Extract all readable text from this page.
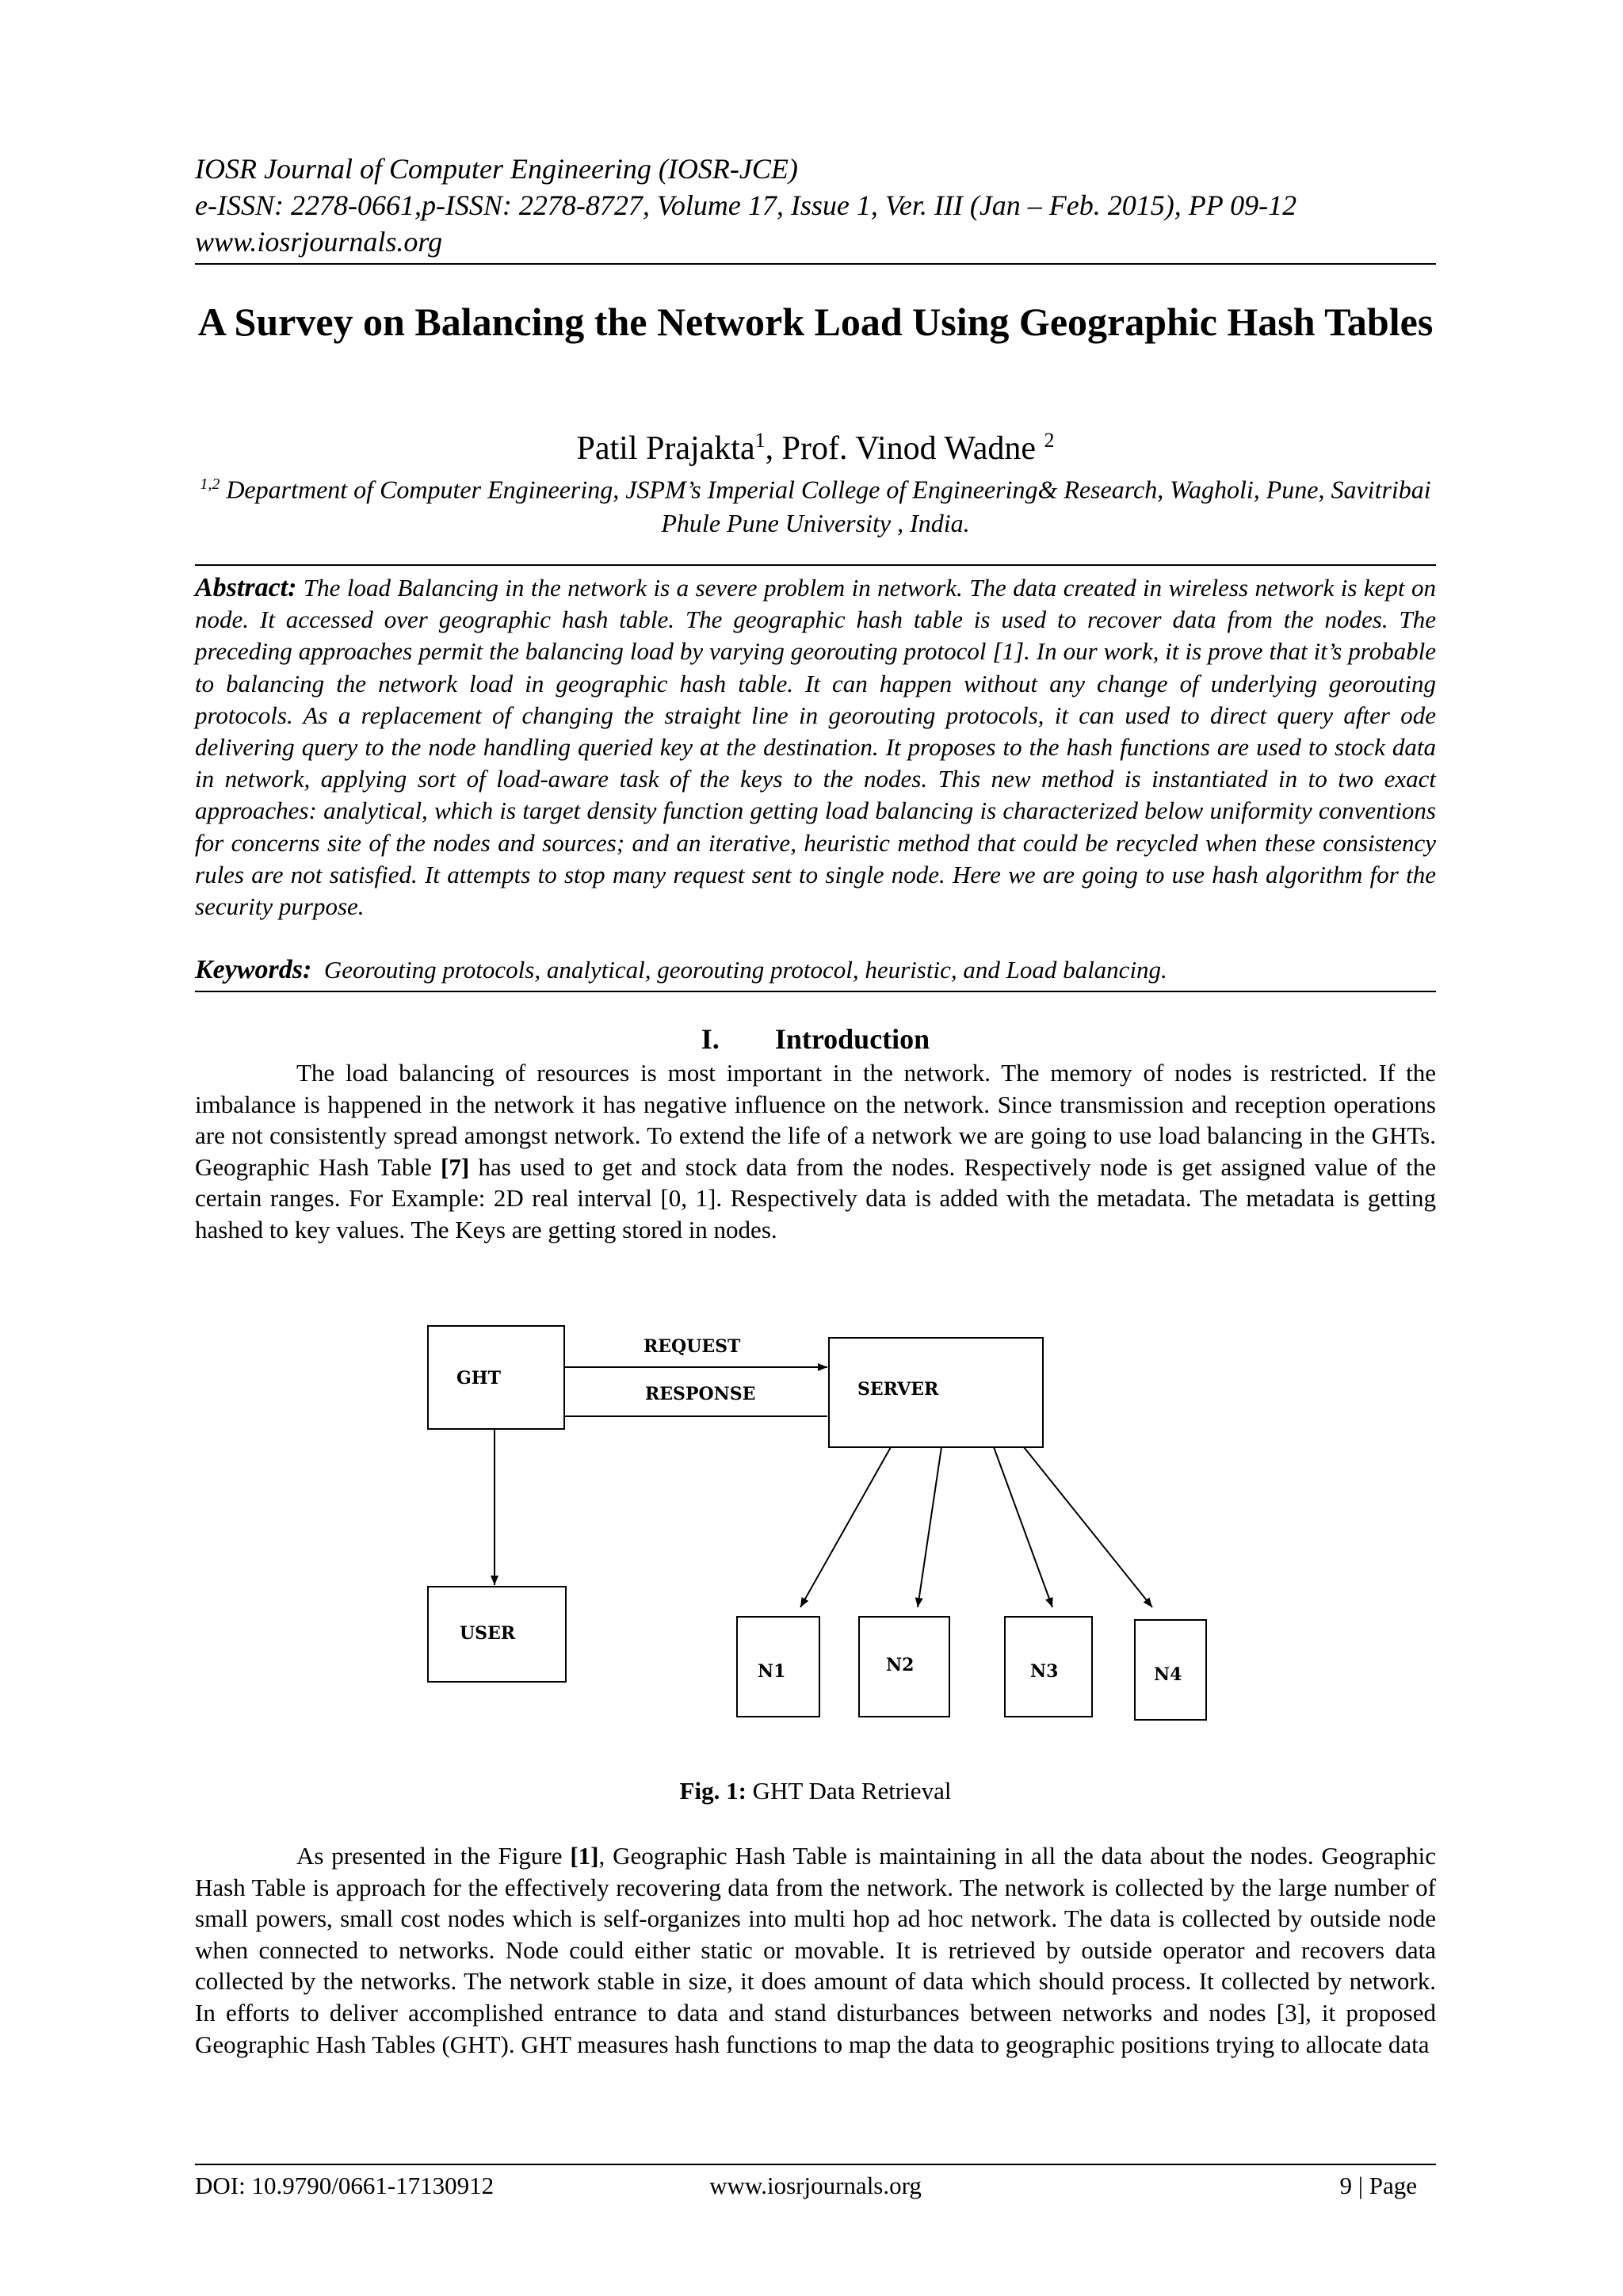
IOSR Journal of Computer Engineering (IOSR-JCE)
e-ISSN: 2278-0661,p-ISSN: 2278-8727, Volume 17, Issue 1, Ver. III (Jan – Feb. 2015), PP 09-12
www.iosrjournals.org
A Survey on Balancing the Network Load Using Geographic Hash Tables
Patil Prajakta$^1$, Prof. Vinod Wadne $^2$
$^{1,2}$ Department of Computer Engineering, JSPM’s Imperial College of Engineering& Research, Wagholi, Pune, Savitribai Phule Pune University , India.
Abstract: The load Balancing in the network is a severe problem in network. The data created in wireless network is kept on node. It accessed over geographic hash table. The geographic hash table is used to recover data from the nodes. The preceding approaches permit the balancing load by varying georouting protocol [1]. In our work, it is prove that it’s probable to balancing the network load in geographic hash table. It can happen without any change of underlying georouting protocols. As a replacement of changing the straight line in georouting protocols, it can used to direct query after ode delivering query to the node handling queried key at the destination. It proposes to the hash functions are used to stock data in network, applying sort of load-aware task of the keys to the nodes. This new method is instantiated in to two exact approaches: analytical, which is target density function getting load balancing is characterized below uniformity conventions for concerns site of the nodes and sources; and an iterative, heuristic method that could be recycled when these consistency rules are not satisfied. It attempts to stop many request sent to single node. Here we are going to use hash algorithm for the security purpose.
Keywords: Georouting protocols, analytical, georouting protocol, heuristic, and Load balancing.
I. Introduction

The load balancing of resources is most important in the network. The memory of nodes is restricted. If the imbalance is happened in the network it has negative influence on the network. Since transmission and reception operations are not consistently spread amongst network. To extend the life of a network we are going to use load balancing in the GHTs. Geographic Hash Table [7] has used to get and stock data from the nodes. Respectively node is get assigned value of the certain ranges. For Example: 2D real interval [0, 1]. Respectively data is added with the metadata. The metadata is getting hashed to key values. The Keys are getting stored in nodes.

GHT
SERVER
USER
N1	N2	N3	N4
REQUEST
RESPONSE
Fig. 1: GHT Data Retrieval

As presented in the Figure [1], Geographic Hash Table is maintaining in all the data about the nodes. Geographic Hash Table is approach for the effectively recovering data from the network. The network is collected by the large number of small powers, small cost nodes which is self-organizes into multi hop ad hoc network. The data is collected by outside node when connected to networks. Node could either static or movable. It is retrieved by outside operator and recovers data collected by the networks. The network stable in size, it does amount of data which should process. It collected by network. In efforts to deliver accomplished entrance to data and stand disturbances between networks and nodes [3], it proposed Geographic Hash Tables (GHT). GHT measures hash functions to map the data to geographic positions trying to allocate data

DOI: 10.9790/0661-17130912	www.iosrjournals.org	9 | Page
